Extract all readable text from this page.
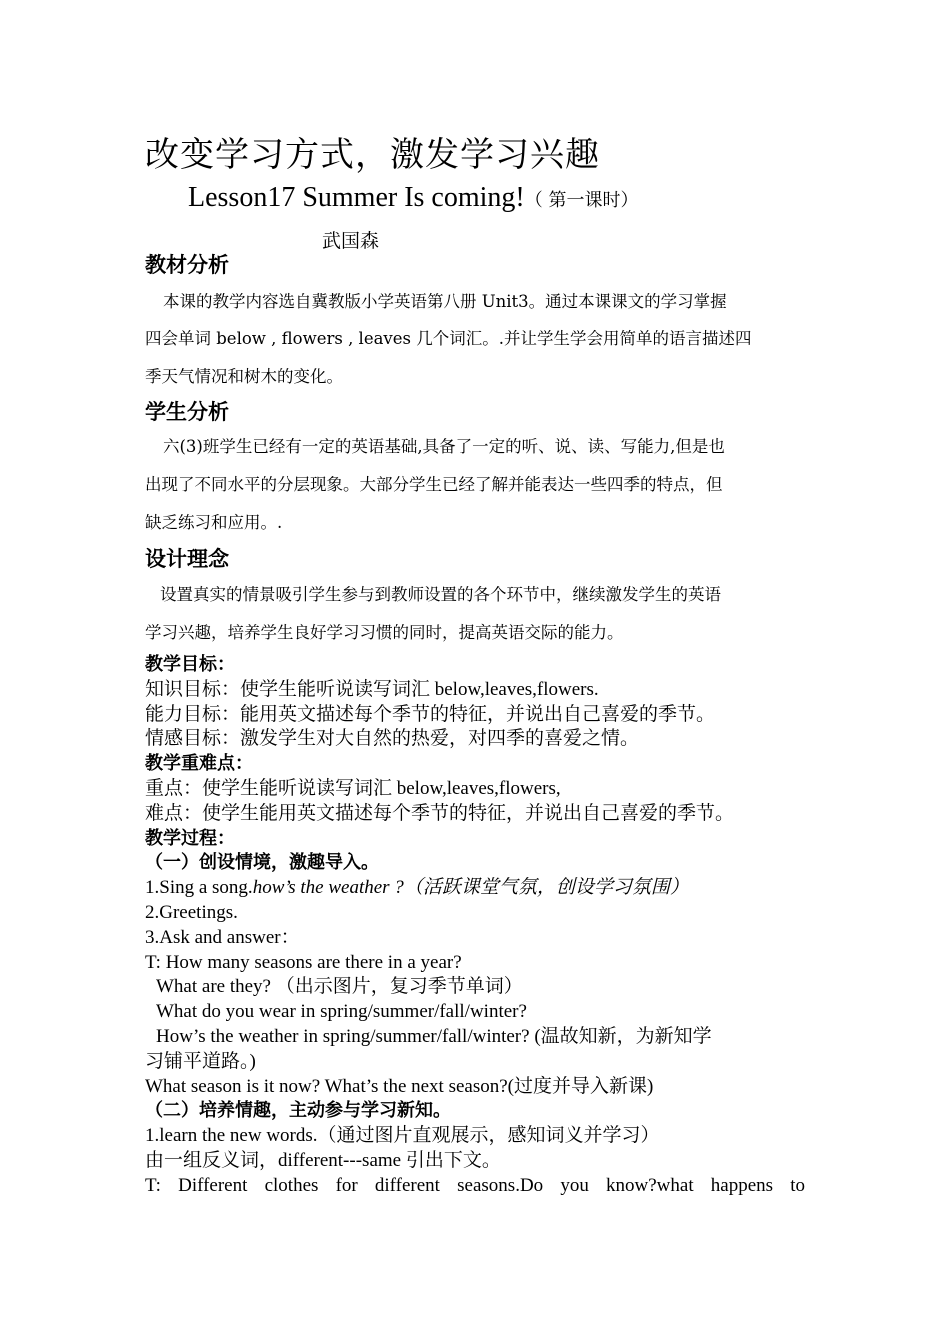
改变学习方式，激发学习兴趣
Lesson17 Summer Is coming!（ 第一课时）
武国森
教材分析
本课的教学内容选自冀教版小学英语第八册 Unit3。通过本课课文的学习掌握
四会单词 below , flowers , leaves 几个词汇。.并让学生学会用简单的语言描述四
季天气情况和树木的变化。
学生分析
六(3)班学生已经有一定的英语基础,具备了一定的听、说、读、写能力,但是也
出现了不同水平的分层现象。大部分学生已经了解并能表达一些四季的特点，但
缺乏练习和应用。.
设计理念
设置真实的情景吸引学生参与到教师设置的各个环节中，继续激发学生的英语
学习兴趣，培养学生良好学习习惯的同时，提高英语交际的能力。
教学目标：
知识目标：使学生能听说读写词汇 below,leaves,flowers.
能力目标：能用英文描述每个季节的特征，并说出自己喜爱的季节。
情感目标：激发学生对大自然的热爱，对四季的喜爱之情。
教学重难点：
重点：使学生能听说读写词汇 below,leaves,flowers,
难点：使学生能用英文描述每个季节的特征，并说出自己喜爱的季节。
教学过程：
（一）创设情境，激趣导入。
1.Sing a song.how’s the weather ?（活跃课堂气氛，创设学习氛围）
2.Greetings.
3.Ask and answer：
T: How many seasons are there in a year?
What are they? （出示图片，复习季节单词）
What do you wear in spring/summer/fall/winter?
How’s the weather in spring/summer/fall/winter? (温故知新，为新知学
习铺平道路。)
What season is it now? What’s the next season?(过度并导入新课)
（二）培养情趣，主动参与学习新知。
1.learn the new words.（通过图片直观展示，感知词义并学习）
由一组反义词，different---same 引出下文。
T: Different clothes for different seasons.Do you know?what happens to
